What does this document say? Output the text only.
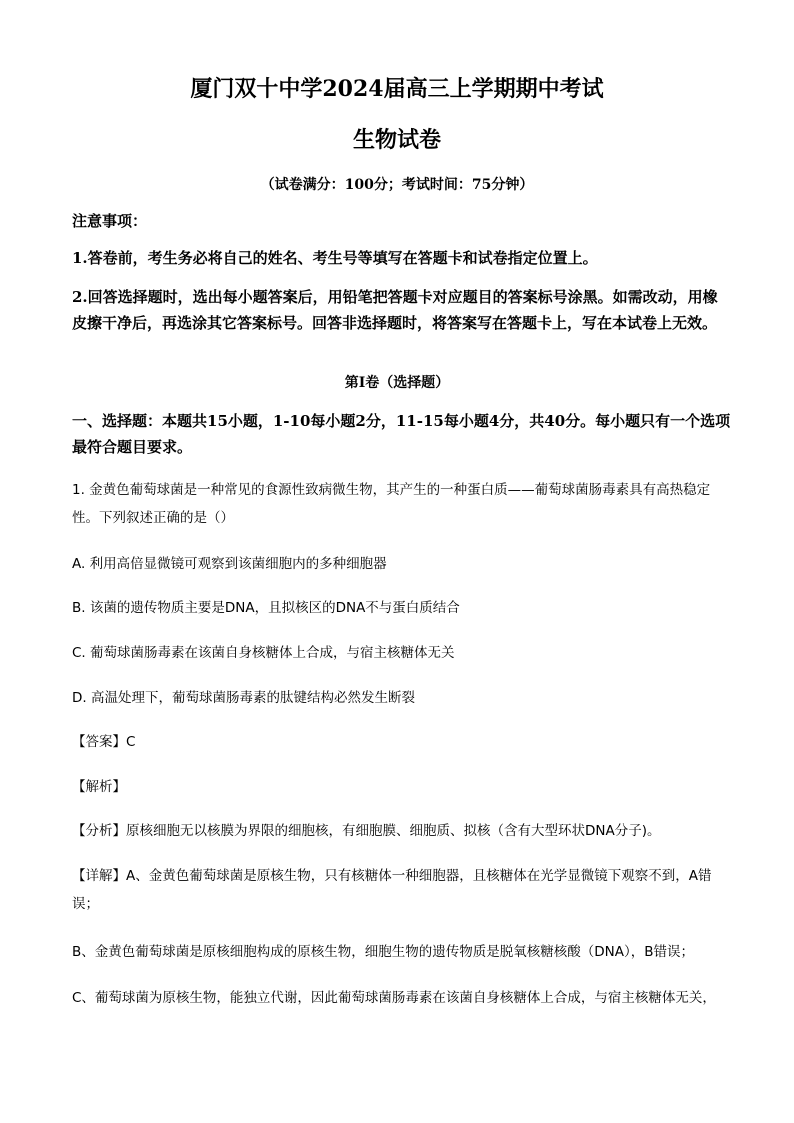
厦门双十中学2024届高三上学期期中考试
生物试卷
（试卷满分：100分；考试时间：75分钟）
注意事项：
1.答卷前，考生务必将自己的姓名、考生号等填写在答题卡和试卷指定位置上。
2.回答选择题时，选出每小题答案后，用铅笔把答题卡对应题目的答案标号涂黑。如需改动，用橡皮擦干净后，再选涂其它答案标号。回答非选择题时，将答案写在答题卡上，写在本试卷上无效。
第I卷（选择题）
一、选择题：本题共15小题，1-10每小题2分，11-15每小题4分，共40分。每小题只有一个选项最符合题目要求。
1. 金黄色葡萄球菌是一种常见的食源性致病微生物，其产生的一种蛋白质——葡萄球菌肠毒素具有高热稳定性。下列叙述正确的是（）
A. 利用高倍显微镜可观察到该菌细胞内的多种细胞器
B. 该菌的遗传物质主要是DNA，且拟核区的DNA不与蛋白质结合
C. 葡萄球菌肠毒素在该菌自身核糖体上合成，与宿主核糖体无关
D. 高温处理下，葡萄球菌肠毒素的肽键结构必然发生断裂
【答案】C
【解析】
【分析】原核细胞无以核膜为界限的细胞核，有细胞膜、细胞质、拟核（含有大型环状DNA分子)。
【详解】A、金黄色葡萄球菌是原核生物，只有核糖体一种细胞器，且核糖体在光学显微镜下观察不到，A错误；
B、金黄色葡萄球菌是原核细胞构成的原核生物，细胞生物的遗传物质是脱氧核糖核酸（DNA），B错误；
C、葡萄球菌为原核生物，能独立代谢，因此葡萄球菌肠毒素在该菌自身核糖体上合成，与宿主核糖体无关，
